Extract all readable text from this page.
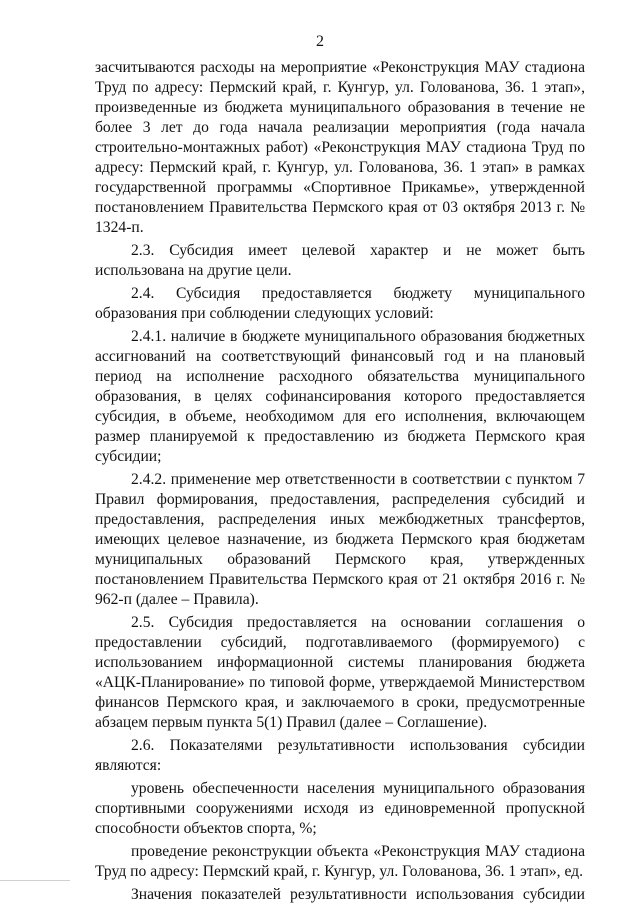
2

засчитываются расходы на мероприятие «Реконструкция МАУ стадиона Труд по адресу: Пермский край, г. Кунгур, ул. Голованова, 36. 1 этап», произведенные из бюджета муниципального образования в течение не более 3 лет до года начала реализации мероприятия (года начала строительно-монтажных работ) «Реконструкция МАУ стадиона Труд по адресу: Пермский край, г. Кунгур, ул. Голованова, 36. 1 этап» в рамках государственной программы «Спортивное Прикамье», утвержденной постановлением Правительства Пермского края от 03 октября 2013 г. № 1324-п.

2.3. Субсидия имеет целевой характер и не может быть использована на другие цели.

2.4. Субсидия предоставляется бюджету муниципального образования при соблюдении следующих условий:

2.4.1. наличие в бюджете муниципального образования бюджетных ассигнований на соответствующий финансовый год и на плановый период на исполнение расходного обязательства муниципального образования, в целях софинансирования которого предоставляется субсидия, в объеме, необходимом для его исполнения, включающем размер планируемой к предоставлению из бюджета Пермского края субсидии;

2.4.2. применение мер ответственности в соответствии с пунктом 7 Правил формирования, предоставления, распределения субсидий и предоставления, распределения иных межбюджетных трансфертов, имеющих целевое назначение, из бюджета Пермского края бюджетам муниципальных образований Пермского края, утвержденных постановлением Правительства Пермского края от 21 октября 2016 г. № 962-п (далее – Правила).

2.5. Субсидия предоставляется на основании соглашения о предоставлении субсидий, подготавливаемого (формируемого) с использованием информационной системы планирования бюджета «АЦК-Планирование» по типовой форме, утверждаемой Министерством финансов Пермского края, и заключаемого в сроки, предусмотренные абзацем первым пункта 5(1) Правил (далее – Соглашение).

2.6. Показателями результативности использования субсидии являются:

уровень обеспеченности населения муниципального образования спортивными сооружениями исходя из единовременной пропускной способности объектов спорта, %;

проведение реконструкции объекта «Реконструкция МАУ стадиона Труд по адресу: Пермский край, г. Кунгур, ул. Голованова, 36. 1 этап», ед.

Значения показателей результативности использования субсидии
